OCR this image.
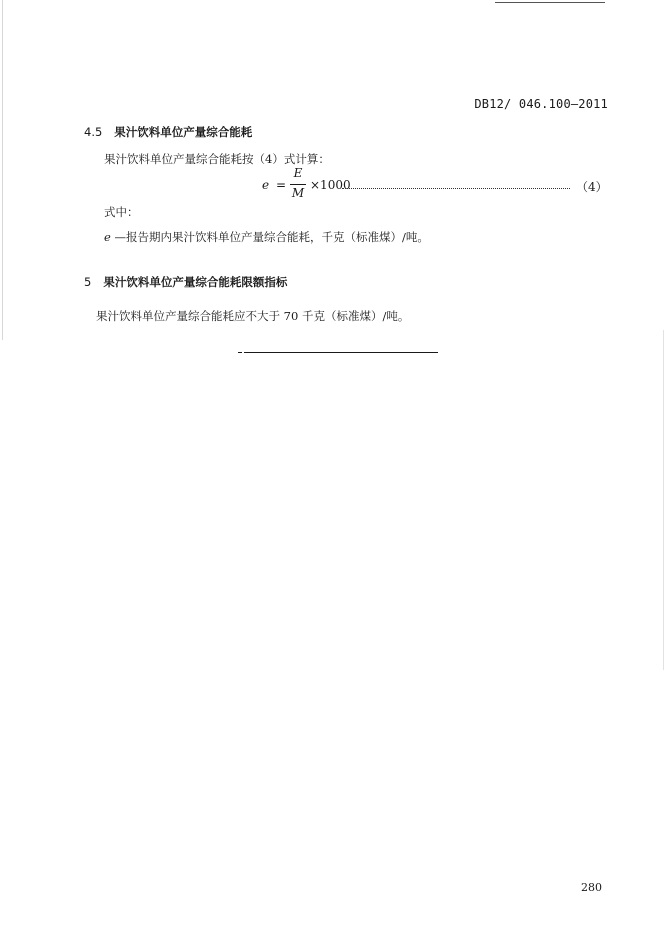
DB12/ 046.100—2011
4.5 果汁饮料单位产量综合能耗
果汁饮料单位产量综合能耗按（4）式计算：
e =
E
M
×1000	（4）
式中：
e —报告期内果汁饮料单位产量综合能耗，千克（标准煤）/吨。
5 果汁饮料单位产量综合能耗限额指标
果汁饮料单位产量综合能耗应不大于 70 千克（标准煤）/吨。
280
